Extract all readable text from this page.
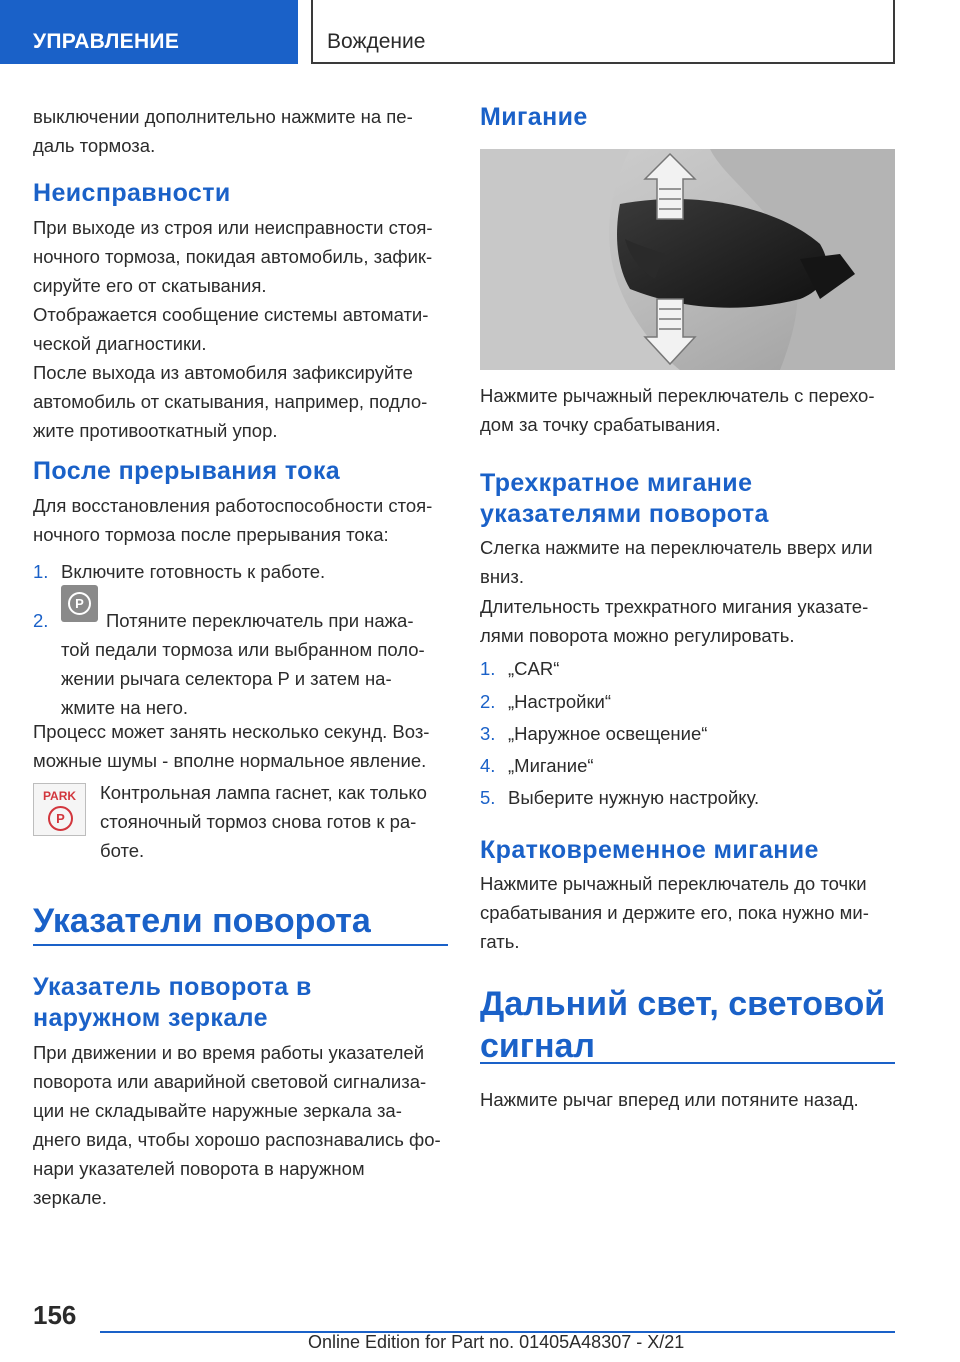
УПРАВЛЕНИЕ	Вождение

выключении дополнительно нажмите на пе-
даль тормоза.

Неисправности

При выходе из строя или неисправности стоя-
ночного тормоза, покидая автомобиль, зафик-
сируйте его от скатывания.

Отображается сообщение системы автомати-
ческой диагностики.

После выхода из автомобиля зафиксируйте
автомобиль от скатывания, например, подло-
жите противооткатный упор.

После прерывания тока

Для восстановления работоспособности стоя-
ночного тормоза после прерывания тока:

1. Включите готовность к работе.
2.	Потяните переключатель при нажа-
той педали тормоза или выбранном поло-
жении рычага селектора P и затем на-
жмите на него.
P

Процесс может занять несколько секунд. Воз-
можные шумы - вполне нормальное явление.

PARK
P

Контрольная лампа гаснет, как только
стояночный тормоз снова готов к ра-
боте.

Указатели поворота
Указатель поворота в
наружном зеркале

При движении и во время работы указателей
поворота или аварийной световой сигнализа-
ции не складывайте наружные зеркала за-
днего вида, чтобы хорошо распознавались фо-
нари указателей поворота в наружном
зеркале.

Мигание

Нажмите рычажный переключатель с перехо-
дом за точку срабатывания.

Трехкратное мигание
указателями поворота

Слегка нажмите на переключатель вверх или
вниз.

Длительность трехкратного мигания указате-
лями поворота можно регулировать.

1. „CAR“
2. „Настройки“
3. „Наружное освещение“
4. „Мигание“
5. Выберите нужную настройку.
Кратковременное мигание

Нажмите рычажный переключатель до точки
срабатывания и держите его, пока нужно ми-
гать.

Дальний свет, световой
сигнал

Нажмите рычаг вперед или потяните назад.

156
Online Edition for Part no. 01405A48307 - X/21
